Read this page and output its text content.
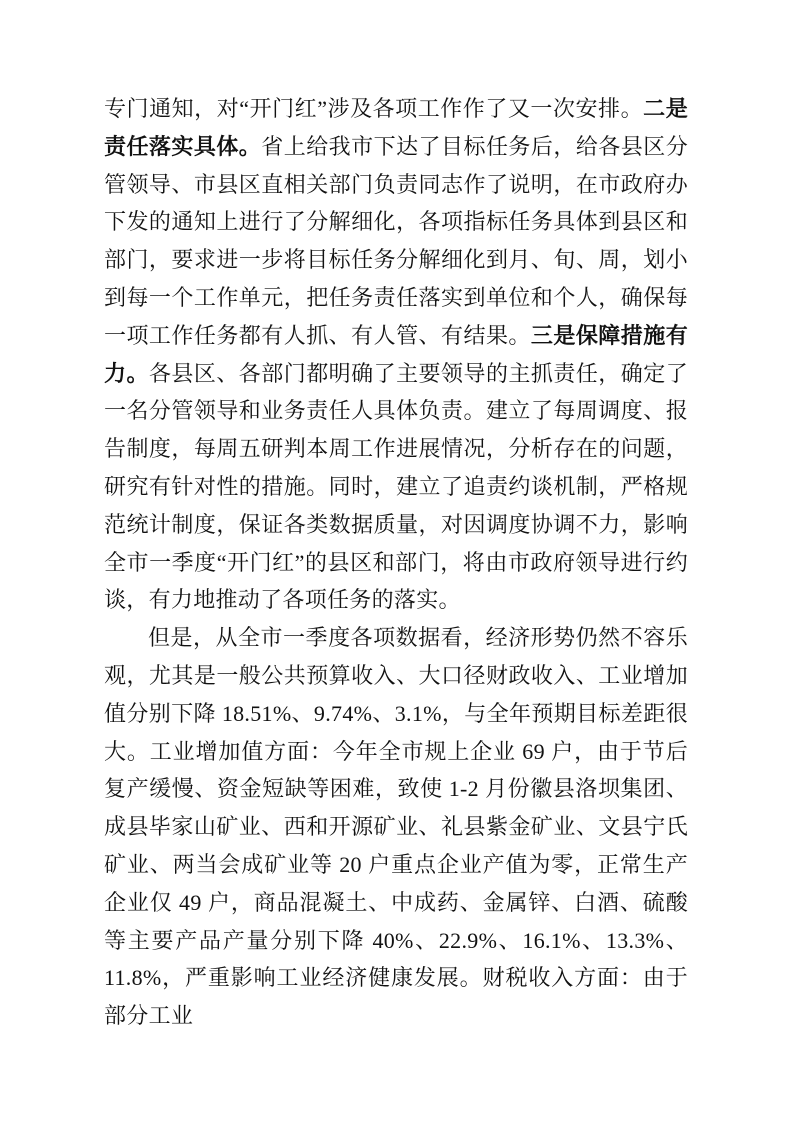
专门通知，对“开门红”涉及各项工作作了又一次安排。二是责任落实具体。省上给我市下达了目标任务后，给各县区分管领导、市县区直相关部门负责同志作了说明，在市政府办下发的通知上进行了分解细化，各项指标任务具体到县区和部门，要求进一步将目标任务分解细化到月、旬、周，划小到每一个工作单元，把任务责任落实到单位和个人，确保每一项工作任务都有人抓、有人管、有结果。三是保障措施有力。各县区、各部门都明确了主要领导的主抓责任，确定了一名分管领导和业务责任人具体负责。建立了每周调度、报告制度，每周五研判本周工作进展情况，分析存在的问题，研究有针对性的措施。同时，建立了追责约谈机制，严格规范统计制度，保证各类数据质量，对因调度协调不力，影响全市一季度“开门红”的县区和部门，将由市政府领导进行约谈，有力地推动了各项任务的落实。

但是，从全市一季度各项数据看，经济形势仍然不容乐观，尤其是一般公共预算收入、大口径财政收入、工业增加值分别下降 18.51%、9.74%、3.1%，与全年预期目标差距很大。工业增加值方面：今年全市规上企业 69 户，由于节后复产缓慢、资金短缺等困难，致使 1-2 月份徽县洛坝集团、成县毕家山矿业、西和开源矿业、礼县紫金矿业、文县宁氏矿业、两当会成矿业等 20 户重点企业产值为零，正常生产企业仅 49 户，商品混凝土、中成药、金属锌、白酒、硫酸等主要产品产量分别下降 40%、22.9%、16.1%、13.3%、11.8%，严重影响工业经济健康发展。财税收入方面：由于部分工业
